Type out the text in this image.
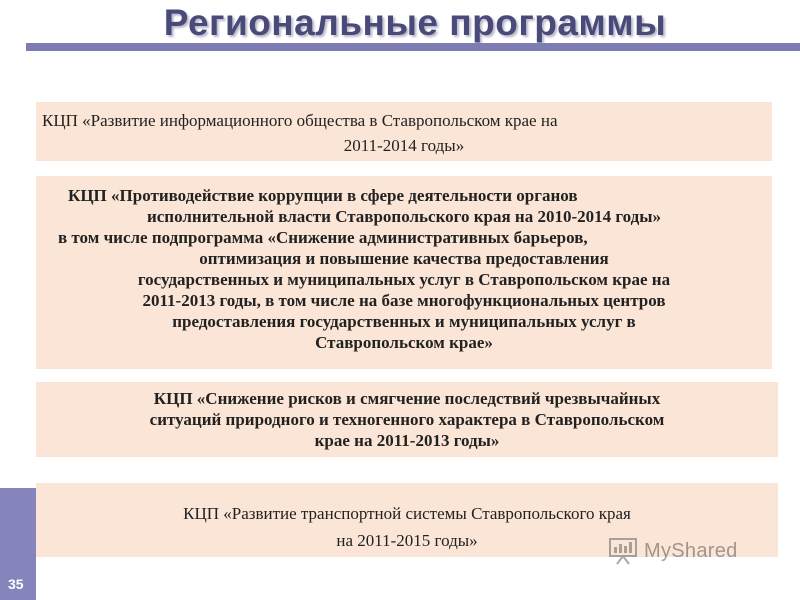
Региональные программы
КЦП «Развитие информационного общества в Ставропольском крае на
2011-2014 годы»
КЦП «Противодействие коррупции в сфере деятельности органов
исполнительной власти Ставропольского края на 2010-2014 годы»
в том числе подпрограмма «Снижение административных барьеров,
оптимизация и повышение качества предоставления
государственных и муниципальных услуг в Ставропольском крае на
2011-2013 годы, в том числе на базе многофункциональных центров
предоставления государственных и муниципальных услуг в
Ставропольском крае»
КЦП «Снижение рисков и смягчение последствий чрезвычайных
ситуаций природного и техногенного характера в Ставропольском
крае на 2011-2013 годы»
КЦП «Развитие транспортной системы Ставропольского края
на 2011-2015 годы»
35
MyShared
